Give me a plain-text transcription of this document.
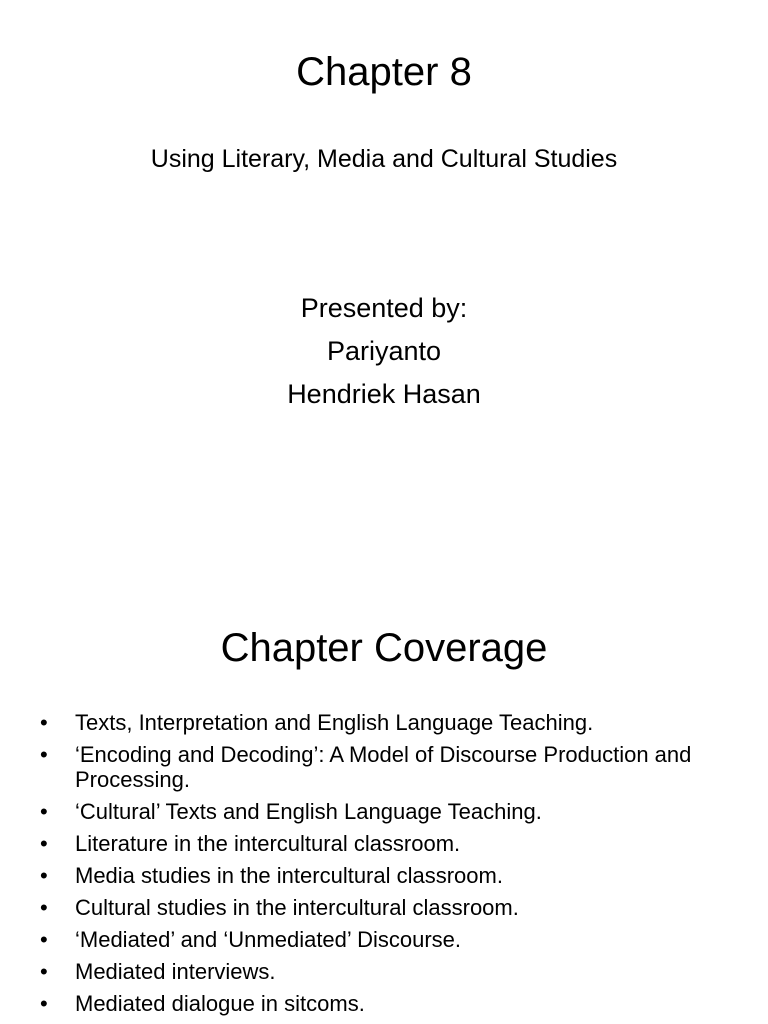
Chapter 8
Using Literary, Media and Cultural Studies
Presented by:
Pariyanto
Hendriek Hasan
Chapter Coverage
• Texts, Interpretation and English Language Teaching.
• ‘Encoding and Decoding’: A Model of Discourse Production and Processing.
• ‘Cultural’ Texts and English Language Teaching.
• Literature in the intercultural classroom.
• Media studies in the intercultural classroom.
• Cultural studies in the intercultural classroom.
• ‘Mediated’ and ‘Unmediated’ Discourse.
• Mediated interviews.
• Mediated dialogue in sitcoms.
